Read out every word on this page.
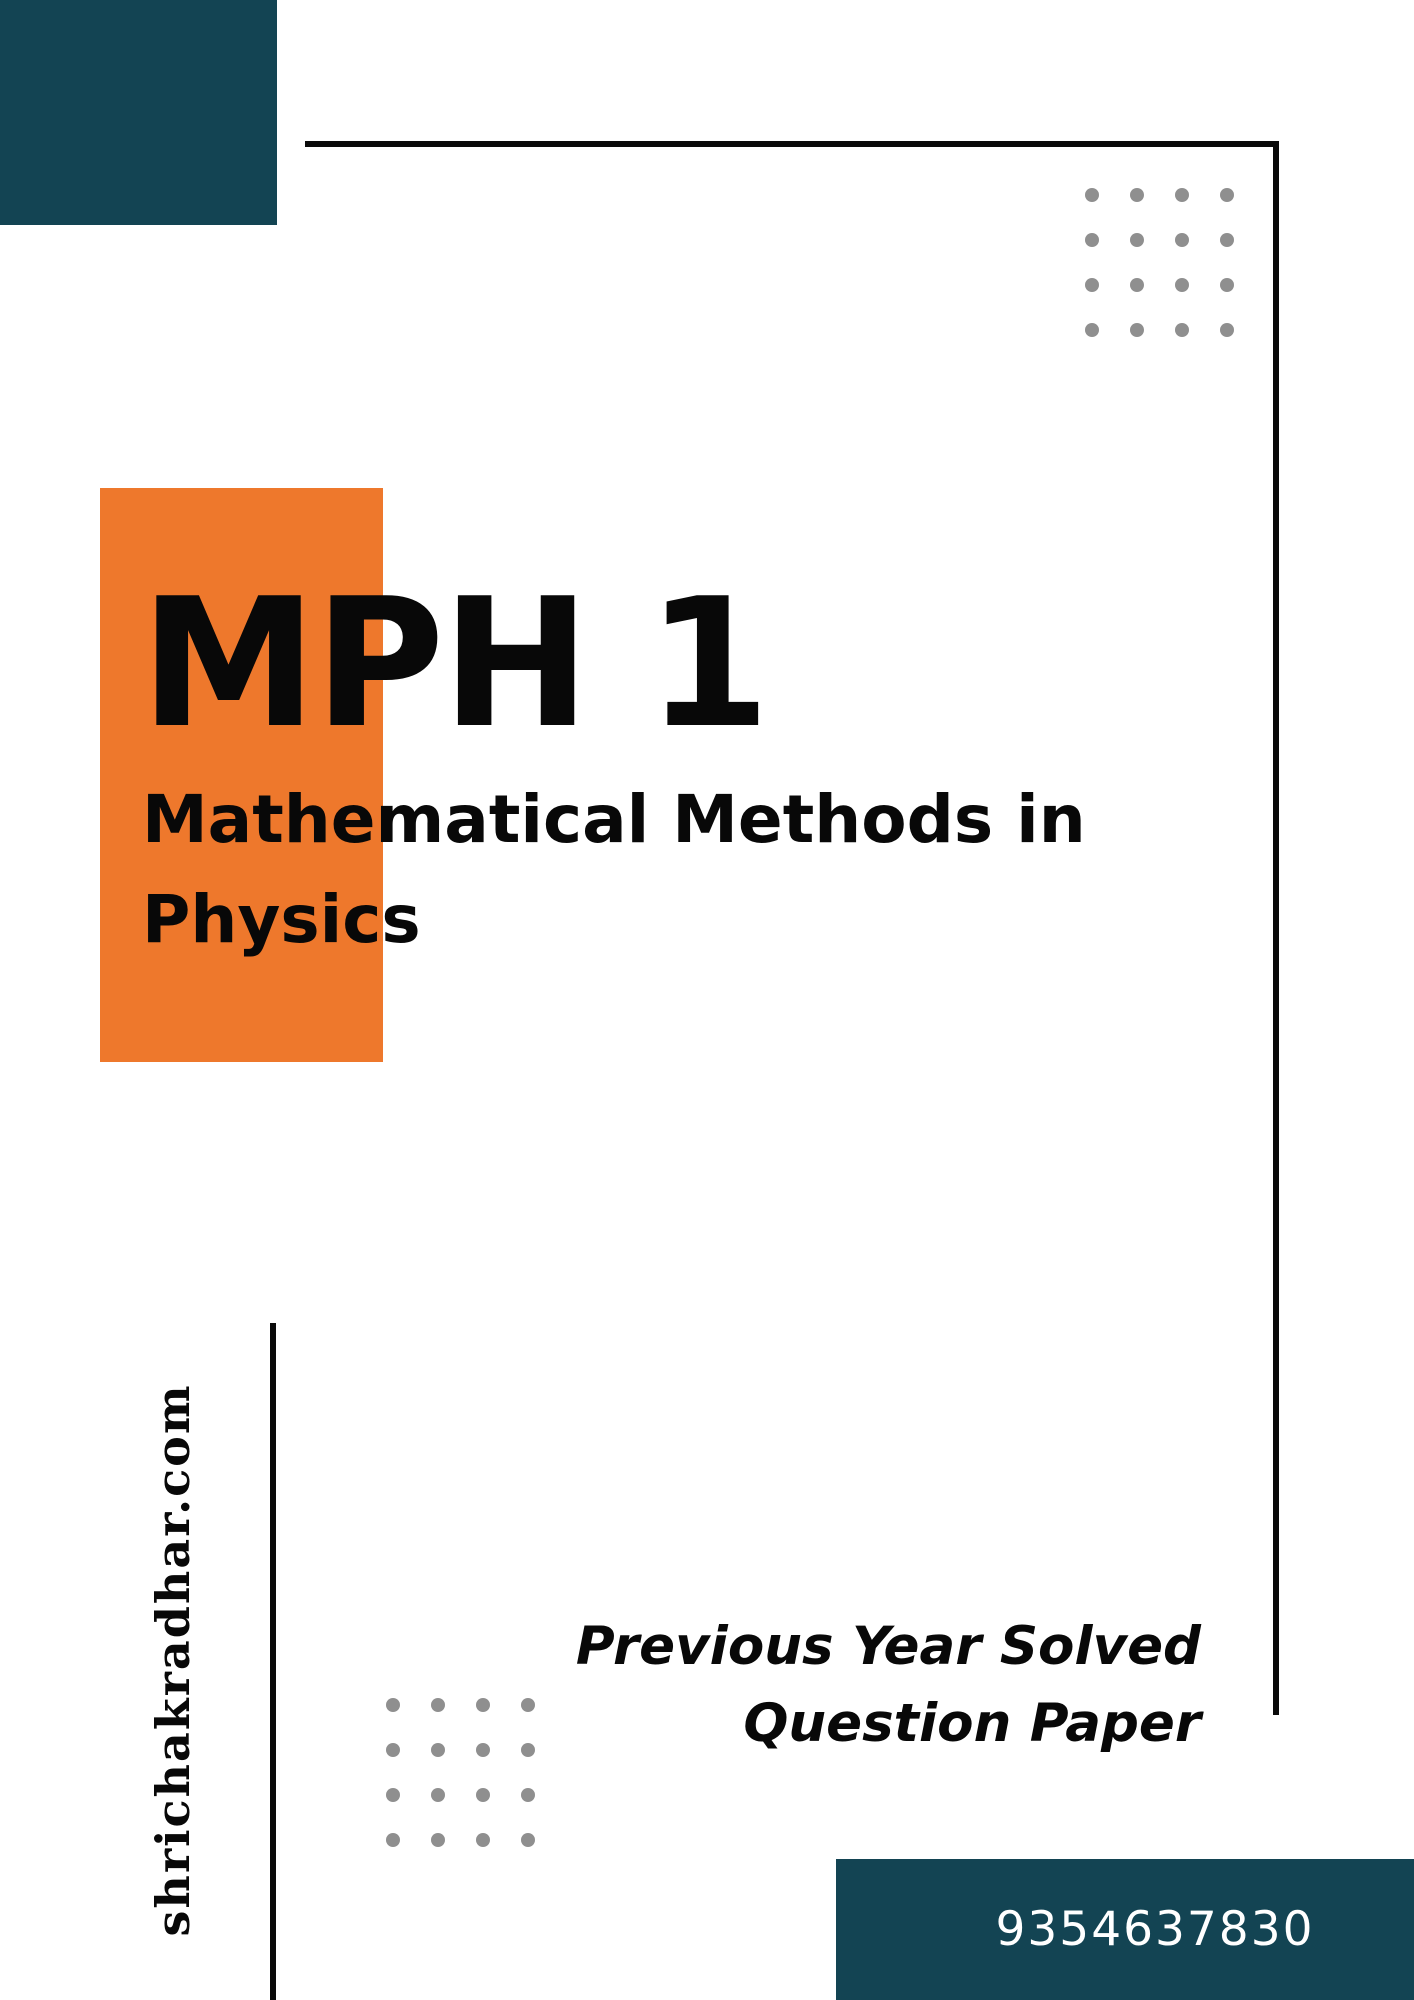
MPH 1
Mathematical Methods in Physics
Previous Year Solved Question Paper
shrichakradhar.com	9354637830
